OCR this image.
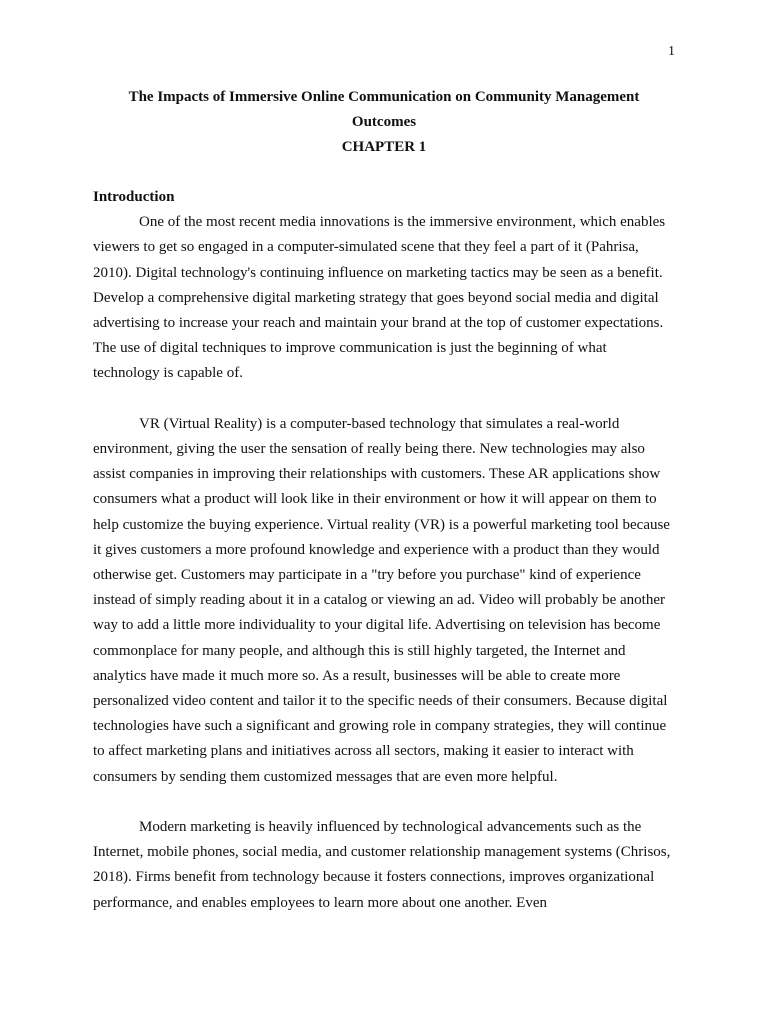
1
The Impacts of Immersive Online Communication on Community Management
Outcomes
CHAPTER 1

Introduction

One of the most recent media innovations is the immersive environment, which enables viewers to get so engaged in a computer-simulated scene that they feel a part of it (Pahrisa, 2010). Digital technology's continuing influence on marketing tactics may be seen as a benefit. Develop a comprehensive digital marketing strategy that goes beyond social media and digital advertising to increase your reach and maintain your brand at the top of customer expectations. The use of digital techniques to improve communication is just the beginning of what technology is capable of.

VR (Virtual Reality) is a computer-based technology that simulates a real-world environment, giving the user the sensation of really being there. New technologies may also assist companies in improving their relationships with customers. These AR applications show consumers what a product will look like in their environment or how it will appear on them to help customize the buying experience. Virtual reality (VR) is a powerful marketing tool because it gives customers a more profound knowledge and experience with a product than they would otherwise get. Customers may participate in a "try before you purchase" kind of experience instead of simply reading about it in a catalog or viewing an ad. Video will probably be another way to add a little more individuality to your digital life. Advertising on television has become commonplace for many people, and although this is still highly targeted, the Internet and analytics have made it much more so. As a result, businesses will be able to create more personalized video content and tailor it to the specific needs of their consumers. Because digital technologies have such a significant and growing role in company strategies, they will continue to affect marketing plans and initiatives across all sectors, making it easier to interact with consumers by sending them customized messages that are even more helpful.

Modern marketing is heavily influenced by technological advancements such as the Internet, mobile phones, social media, and customer relationship management systems (Chrisos, 2018). Firms benefit from technology because it fosters connections, improves organizational performance, and enables employees to learn more about one another. Even
